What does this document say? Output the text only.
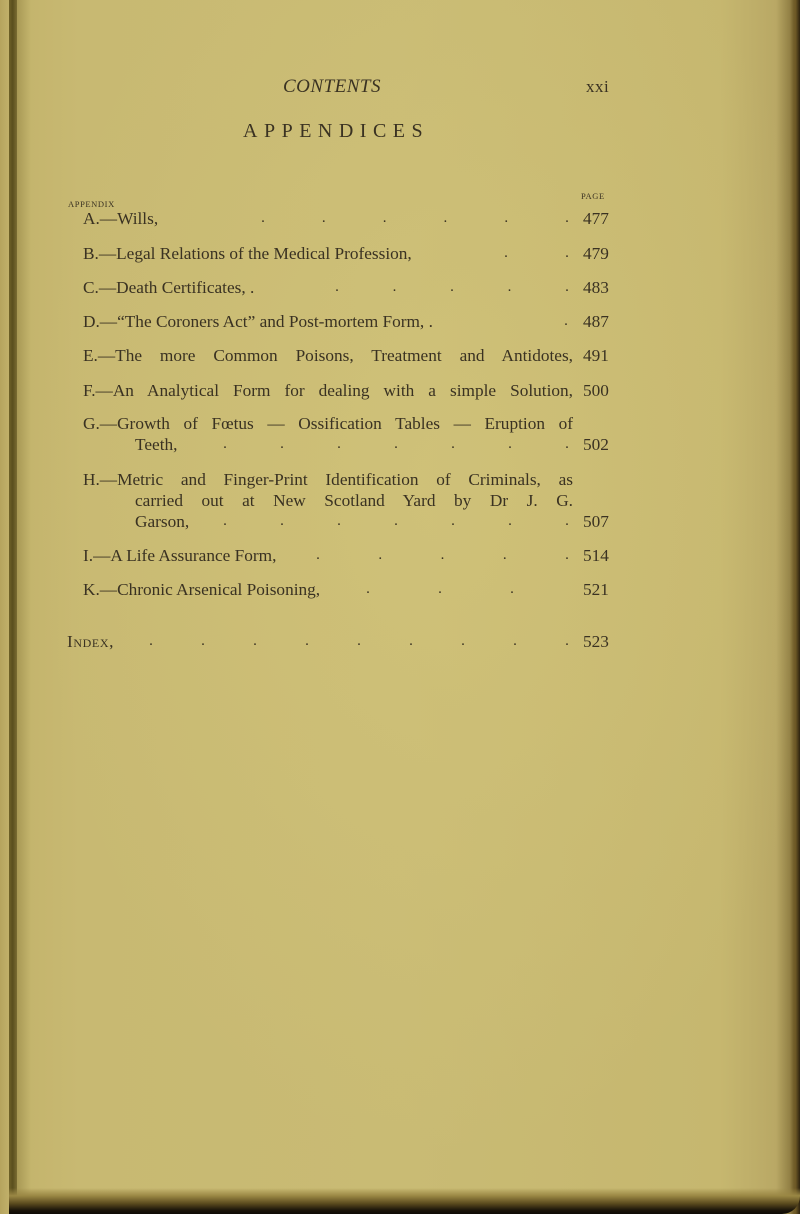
CONTENTS	xxi
APPENDICES
APPENDIX
PAGE
A.—Wills,	.	.	.	.	.	. 477
B.—Legal Relations of the Medical Profession,	.	. 479
C.—Death Certificates, .	.	.	.	.	. 483
D.—“The Coroners Act” and Post-mortem Form, .	. 487
E.—The more Common Poisons, Treatment and Antidotes, 491
F.—An Analytical Form for dealing with a simple Solution, 500
G.—Growth of Fœtus — Ossification Tables — Eruption of
Teeth,	.	.	.	.	.	.	. 502
H.—Metric and Finger-Print Identification of Criminals, as
carried out at New Scotland Yard by Dr J. G.
Garson,	.	.	.	.	.	.	. 507
I.—A Life Assurance Form,	.	.	.	.	. 514
K.—Chronic Arsenical Poisoning,	.	.	.	521
Index, .	.	.	.	.	.	.	.	. 523
